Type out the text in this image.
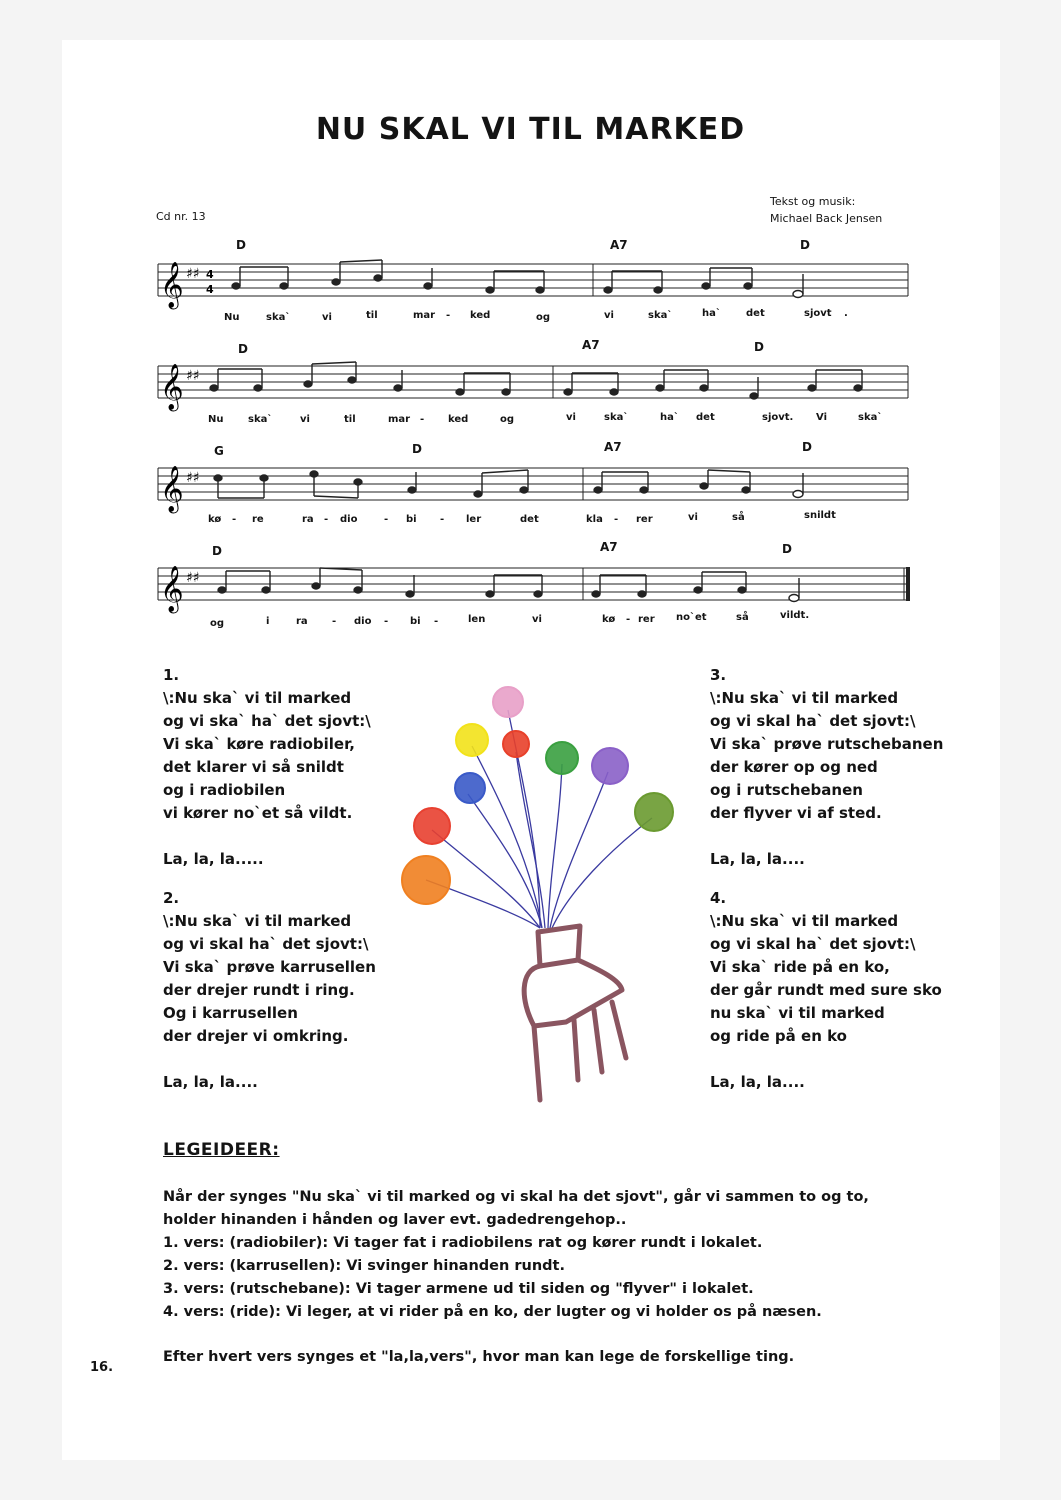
NU SKAL VI TIL MARKED
Tekst og musik:
Michael Back Jensen
Cd nr. 13
𝄞 ♯♯ 4
4
D	A7	D
Nu	ska`	vi	til	mar - ked	og	vi	ska`	ha`	det	sjovt .
𝄞 ♯♯
D	A7	D
Nu ska`	vi	til	mar - ked	og	vi	ska`	ha` det	sjovt. Vi	ska`
𝄞 ♯♯
G	D	A7	D
kø - re	ra - dio	- bi - ler	det	kla - rer	vi	så	snildt
𝄞 ♯♯
D	A7	D
og	i	ra - dio - bi -	len	vi	kø - rer no`et	så	vildt.
1.
\:Nu ska` vi til marked
og vi ska` ha` det sjovt:\
Vi ska` køre radiobiler,
det klarer vi så snildt
og i radiobilen
vi kører no`et så vildt.
La, la, la.....
2.
\:Nu ska` vi til marked
og vi skal ha` det sjovt:\
Vi ska` prøve karrusellen
der drejer rundt i ring.
Og i karrusellen
der drejer vi omkring.
La, la, la....
3.
\:Nu ska` vi til marked
og vi skal ha` det sjovt:\
Vi ska` prøve rutschebanen
der kører op og ned
og i rutschebanen
der flyver vi af sted.
La, la, la....
4.
\:Nu ska` vi til marked
og vi skal ha` det sjovt:\
Vi ska` ride på en ko,
der går rundt med sure sko
nu ska` vi til marked
og ride på en ko
La, la, la....
LEGEIDEER:
Når der synges "Nu ska` vi til marked og vi skal ha det sjovt", går vi sammen to og to,
holder hinanden i hånden og laver evt. gadedrengehop..
1. vers: (radiobiler): Vi tager fat i radiobilens rat og kører rundt i lokalet.
2. vers: (karrusellen): Vi svinger hinanden rundt.
3. vers: (rutschebane): Vi tager armene ud til siden og "flyver" i lokalet.
4. vers: (ride): Vi leger, at vi rider på en ko, der lugter og vi holder os på næsen.
Efter hvert vers synges et "la,la,vers", hvor man kan lege de forskellige ting.
16.
